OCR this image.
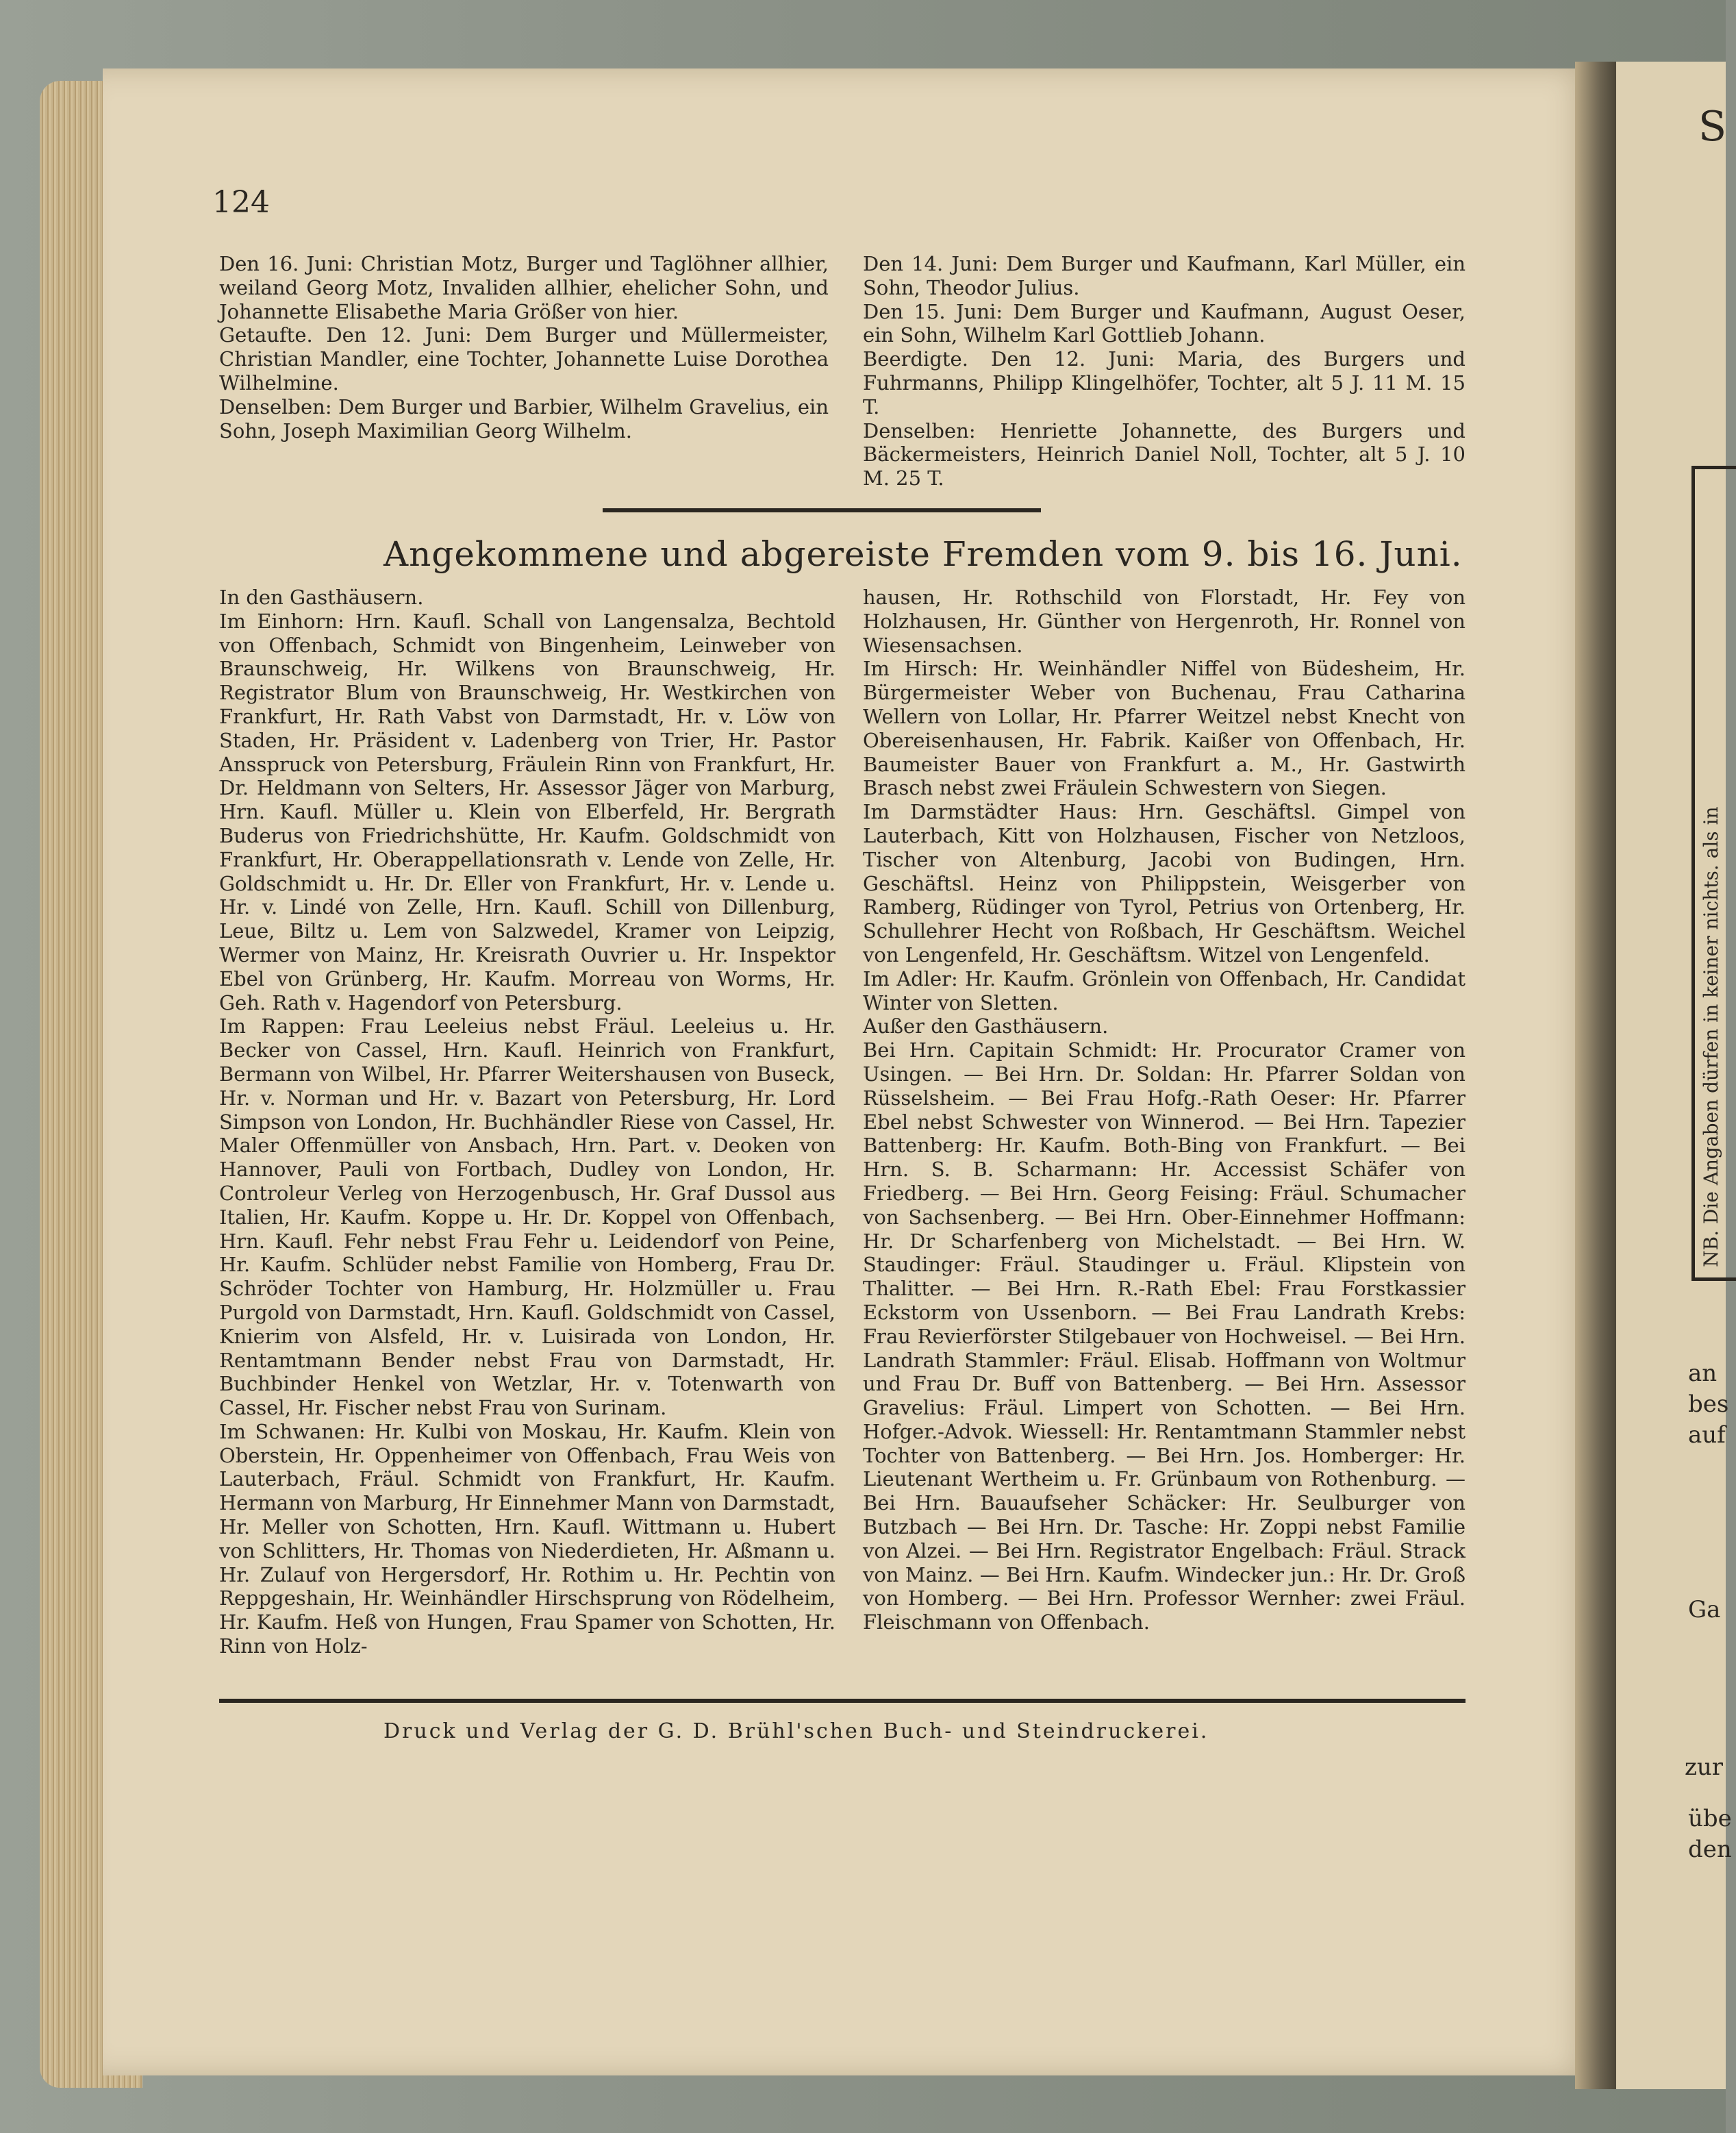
124

Den 16. Juni: Christian Motz, Burger und Taglöhner allhier, weiland Georg Motz, Invaliden allhier, ehelicher Sohn, und Johannette Elisabethe Maria Größer von hier.

Getaufte. Den 12. Juni: Dem Burger und Müllermeister, Christian Mandler, eine Tochter, Johannette Luise Dorothea Wilhelmine.

Denselben: Dem Burger und Barbier, Wilhelm Gravelius, ein Sohn, Joseph Maximilian Georg Wilhelm.

Den 14. Juni: Dem Burger und Kaufmann, Karl Müller, ein Sohn, Theodor Julius.

Den 15. Juni: Dem Burger und Kaufmann, August Oeser, ein Sohn, Wilhelm Karl Gottlieb Johann.

Beerdigte. Den 12. Juni: Maria, des Burgers und Fuhrmanns, Philipp Klingelhöfer, Tochter, alt 5 J. 11 M. 15 T.

Denselben: Henriette Johannette, des Burgers und Bäckermeisters, Heinrich Daniel Noll, Tochter, alt 5 J. 10 M. 25 T.

Angekommene und abgereiste Fremden vom 9. bis 16. Juni.

In den Gasthäusern.

Im Einhorn: Hrn. Kaufl. Schall von Langensalza, Bechtold von Offenbach, Schmidt von Bingenheim, Leinweber von Braunschweig, Hr. Wilkens von Braunschweig, Hr. Registrator Blum von Braunschweig, Hr. Westkirchen von Frankfurt, Hr. Rath Vabst von Darmstadt, Hr. v. Löw von Staden, Hr. Präsident v. Ladenberg von Trier, Hr. Pastor Ansspruck von Petersburg, Fräulein Rinn von Frankfurt, Hr. Dr. Heldmann von Selters, Hr. Assessor Jäger von Marburg, Hrn. Kaufl. Müller u. Klein von Elberfeld, Hr. Bergrath Buderus von Friedrichshütte, Hr. Kaufm. Goldschmidt von Frankfurt, Hr. Oberappellationsrath v. Lende von Zelle, Hr. Goldschmidt u. Hr. Dr. Eller von Frankfurt, Hr. v. Lende u. Hr. v. Lindé von Zelle, Hrn. Kaufl. Schill von Dillenburg, Leue, Biltz u. Lem von Salzwedel, Kramer von Leipzig, Wermer von Mainz, Hr. Kreisrath Ouvrier u. Hr. Inspektor Ebel von Grünberg, Hr. Kaufm. Morreau von Worms, Hr. Geh. Rath v. Hagendorf von Petersburg.

Im Rappen: Frau Leeleius nebst Fräul. Leeleius u. Hr. Becker von Cassel, Hrn. Kaufl. Heinrich von Frankfurt, Bermann von Wilbel, Hr. Pfarrer Weitershausen von Buseck, Hr. v. Norman und Hr. v. Bazart von Petersburg, Hr. Lord Simpson von London, Hr. Buchhändler Riese von Cassel, Hr. Maler Offenmüller von Ansbach, Hrn. Part. v. Deoken von Hannover, Pauli von Fortbach, Dudley von London, Hr. Controleur Verleg von Herzogenbusch, Hr. Graf Dussol aus Italien, Hr. Kaufm. Koppe u. Hr. Dr. Koppel von Offenbach, Hrn. Kaufl. Fehr nebst Frau Fehr u. Leidendorf von Peine, Hr. Kaufm. Schlüder nebst Familie von Homberg, Frau Dr. Schröder Tochter von Hamburg, Hr. Holzmüller u. Frau Purgold von Darmstadt, Hrn. Kaufl. Goldschmidt von Cassel, Knierim von Alsfeld, Hr. v. Luisirada von London, Hr. Rentamtmann Bender nebst Frau von Darmstadt, Hr. Buchbinder Henkel von Wetzlar, Hr. v. Totenwarth von Cassel, Hr. Fischer nebst Frau von Surinam.

Im Schwanen: Hr. Kulbi von Moskau, Hr. Kaufm. Klein von Oberstein, Hr. Oppenheimer von Offenbach, Frau Weis von Lauterbach, Fräul. Schmidt von Frankfurt, Hr. Kaufm. Hermann von Marburg, Hr Einnehmer Mann von Darmstadt, Hr. Meller von Schotten, Hrn. Kaufl. Wittmann u. Hubert von Schlitters, Hr. Thomas von Niederdieten, Hr. Aßmann u. Hr. Zulauf von Hergersdorf, Hr. Rothim u. Hr. Pechtin von Reppgeshain, Hr. Weinhändler Hirschsprung von Rödelheim, Hr. Kaufm. Heß von Hungen, Frau Spamer von Schotten, Hr. Rinn von Holz-

hausen, Hr. Rothschild von Florstadt, Hr. Fey von Holzhausen, Hr. Günther von Hergenroth, Hr. Ronnel von Wiesensachsen.

Im Hirsch: Hr. Weinhändler Niffel von Büdesheim, Hr. Bürgermeister Weber von Buchenau, Frau Catharina Wellern von Lollar, Hr. Pfarrer Weitzel nebst Knecht von Obereisenhausen, Hr. Fabrik. Kaißer von Offenbach, Hr. Baumeister Bauer von Frankfurt a. M., Hr. Gastwirth Brasch nebst zwei Fräulein Schwestern von Siegen.

Im Darmstädter Haus: Hrn. Geschäftsl. Gimpel von Lauterbach, Kitt von Holzhausen, Fischer von Netzloos, Tischer von Altenburg, Jacobi von Budingen, Hrn. Geschäftsl. Heinz von Philippstein, Weisgerber von Ramberg, Rüdinger von Tyrol, Petrius von Ortenberg, Hr. Schullehrer Hecht von Roßbach, Hr Geschäftsm. Weichel von Lengenfeld, Hr. Geschäftsm. Witzel von Lengenfeld.

Im Adler: Hr. Kaufm. Grönlein von Offenbach, Hr. Candidat Winter von Sletten.

Außer den Gasthäusern.

Bei Hrn. Capitain Schmidt: Hr. Procurator Cramer von Usingen. — Bei Hrn. Dr. Soldan: Hr. Pfarrer Soldan von Rüsselsheim. — Bei Frau Hofg.-Rath Oeser: Hr. Pfarrer Ebel nebst Schwester von Winnerod. — Bei Hrn. Tapezier Battenberg: Hr. Kaufm. Both-Bing von Frankfurt. — Bei Hrn. S. B. Scharmann: Hr. Accessist Schäfer von Friedberg. — Bei Hrn. Georg Feising: Fräul. Schumacher von Sachsenberg. — Bei Hrn. Ober-Einnehmer Hoffmann: Hr. Dr Scharfenberg von Michelstadt. — Bei Hrn. W. Staudinger: Fräul. Staudinger u. Fräul. Klipstein von Thalitter. — Bei Hrn. R.-Rath Ebel: Frau Forstkassier Eckstorm von Ussenborn. — Bei Frau Landrath Krebs: Frau Revierförster Stilgebauer von Hochweisel. — Bei Hrn. Landrath Stammler: Fräul. Elisab. Hoffmann von Woltmur und Frau Dr. Buff von Battenberg. — Bei Hrn. Assessor Gravelius: Fräul. Limpert von Schotten. — Bei Hrn. Hofger.-Advok. Wiessell: Hr. Rentamtmann Stammler nebst Tochter von Battenberg. — Bei Hrn. Jos. Homberger: Hr. Lieutenant Wertheim u. Fr. Grünbaum von Rothenburg. — Bei Hrn. Bauaufseher Schäcker: Hr. Seulburger von Butzbach — Bei Hrn. Dr. Tasche: Hr. Zoppi nebst Familie von Alzei. — Bei Hrn. Registrator Engelbach: Fräul. Strack von Mainz. — Bei Hrn. Kaufm. Windecker jun.: Hr. Dr. Groß von Homberg. — Bei Hrn. Professor Wernher: zwei Fräul. Fleischmann von Offenbach.

Druck und Verlag der G. D. Brühl'schen Buch- und Steindruckerei.
NB. Die Angaben dürfen in keiner nichts. als in
S
an
bes
auf
Ga
zur
übe
den
